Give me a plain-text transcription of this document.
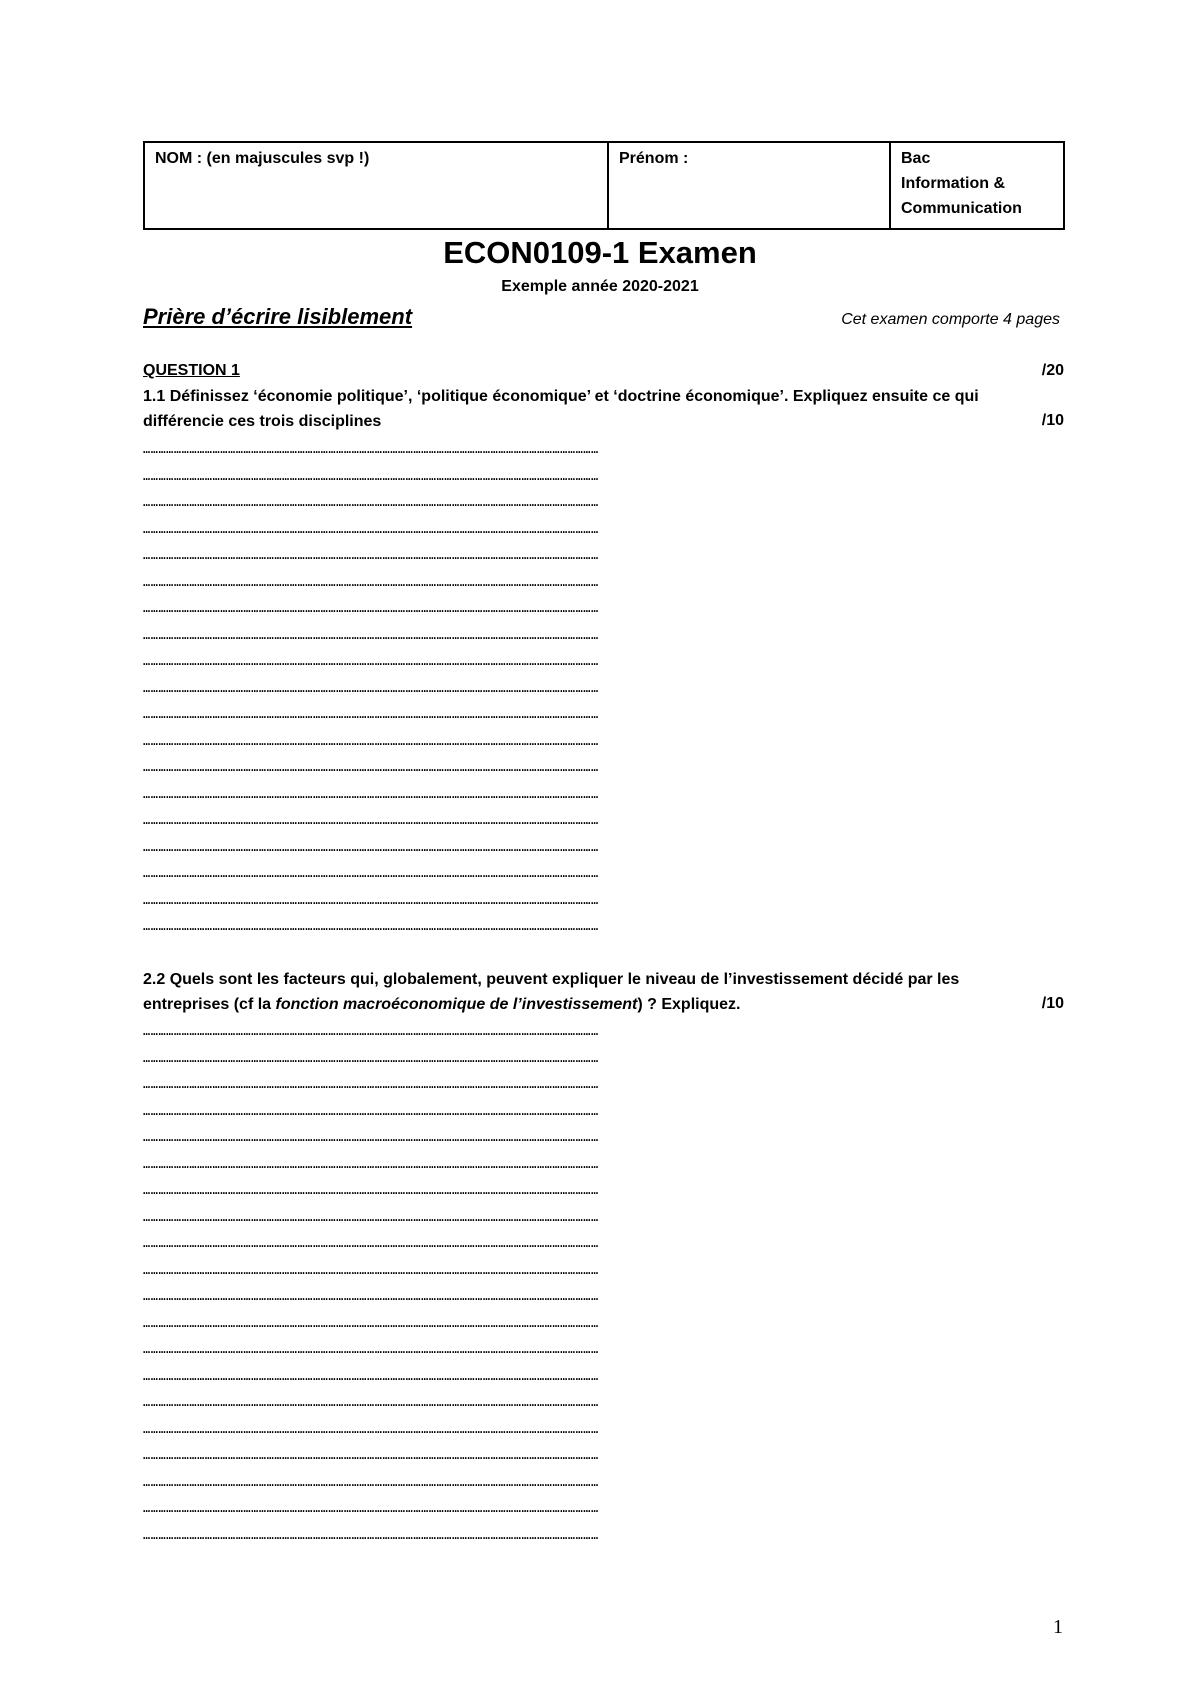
NOM : (en majuscules svp !)	Prénom :	Bac
Information &
Communication
ECON0109-1 Examen
Exemple année 2020-2021
Prière d’écrire lisiblement	Cet examen comporte 4 pages
QUESTION 1	/20
1.1 Définissez ‘économie politique’, ‘politique économique’ et ‘doctrine économique’. Expliquez ensuite ce qui
différencie ces trois disciplines	/10
……………………………………………………………………………………………………………………………………………………………
……………………………………………………………………………………………………………………………………………………………
……………………………………………………………………………………………………………………………………………………………
……………………………………………………………………………………………………………………………………………………………
……………………………………………………………………………………………………………………………………………………………
……………………………………………………………………………………………………………………………………………………………
……………………………………………………………………………………………………………………………………………………………
……………………………………………………………………………………………………………………………………………………………
……………………………………………………………………………………………………………………………………………………………
……………………………………………………………………………………………………………………………………………………………
……………………………………………………………………………………………………………………………………………………………
……………………………………………………………………………………………………………………………………………………………
……………………………………………………………………………………………………………………………………………………………
……………………………………………………………………………………………………………………………………………………………
……………………………………………………………………………………………………………………………………………………………
……………………………………………………………………………………………………………………………………………………………
……………………………………………………………………………………………………………………………………………………………
……………………………………………………………………………………………………………………………………………………………
……………………………………………………………………………………………………………………………………………………………
2.2 Quels sont les facteurs qui, globalement, peuvent expliquer le niveau de l’investissement décidé par les
entreprises (cf la fonction macroéconomique de l’investissement) ? Expliquez.	/10
……………………………………………………………………………………………………………………………………………………………
……………………………………………………………………………………………………………………………………………………………
……………………………………………………………………………………………………………………………………………………………
……………………………………………………………………………………………………………………………………………………………
……………………………………………………………………………………………………………………………………………………………
……………………………………………………………………………………………………………………………………………………………
……………………………………………………………………………………………………………………………………………………………
……………………………………………………………………………………………………………………………………………………………
……………………………………………………………………………………………………………………………………………………………
……………………………………………………………………………………………………………………………………………………………
……………………………………………………………………………………………………………………………………………………………
……………………………………………………………………………………………………………………………………………………………
……………………………………………………………………………………………………………………………………………………………
……………………………………………………………………………………………………………………………………………………………
……………………………………………………………………………………………………………………………………………………………
……………………………………………………………………………………………………………………………………………………………
……………………………………………………………………………………………………………………………………………………………
……………………………………………………………………………………………………………………………………………………………
……………………………………………………………………………………………………………………………………………………………
……………………………………………………………………………………………………………………………………………………………
1
